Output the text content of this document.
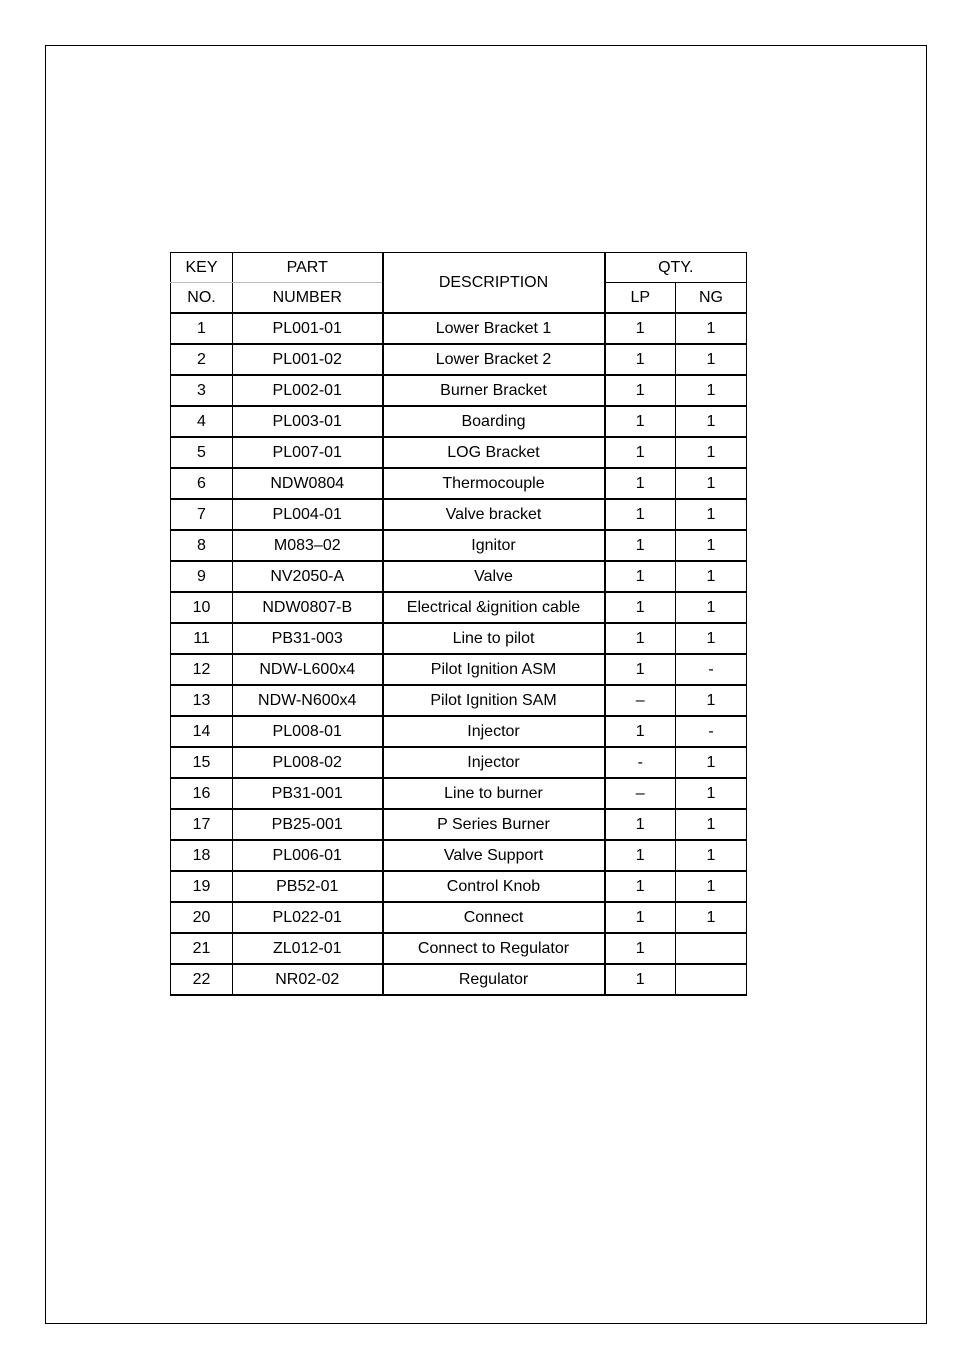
KEY	PART	DESCRIPTION	QTY.	
NO.	NUMBER		LP	NG
1	PL001-01	Lower Bracket 1	1	1
2	PL001-02	Lower Bracket 2	1	1
3	PL002-01	Burner Bracket	1	1
4	PL003-01	Boarding	1	1
5	PL007-01	LOG Bracket	1	1
6	NDW0804	Thermocouple	1	1
7	PL004-01	Valve bracket	1	1
8	M083–02	Ignitor	1	1
9	NV2050-A	Valve	1	1
10	NDW0807-B	Electrical &ignition cable	1	1
11	PB31-003	Line to pilot	1	1
12	NDW-L600x4	Pilot Ignition ASM	1	-
13	NDW-N600x4	Pilot Ignition SAM	–	1
14	PL008-01	Injector	1	-
15	PL008-02	Injector	-	1
16	PB31-001	Line to burner	–	1
17	PB25-001	P Series Burner	1	1
18	PL006-01	Valve Support	1	1
19	PB52-01	Control Knob	1	1
20	PL022-01	Connect	1	1
21	ZL012-01	Connect to Regulator	1	
22	NR02-02	Regulator	1	
